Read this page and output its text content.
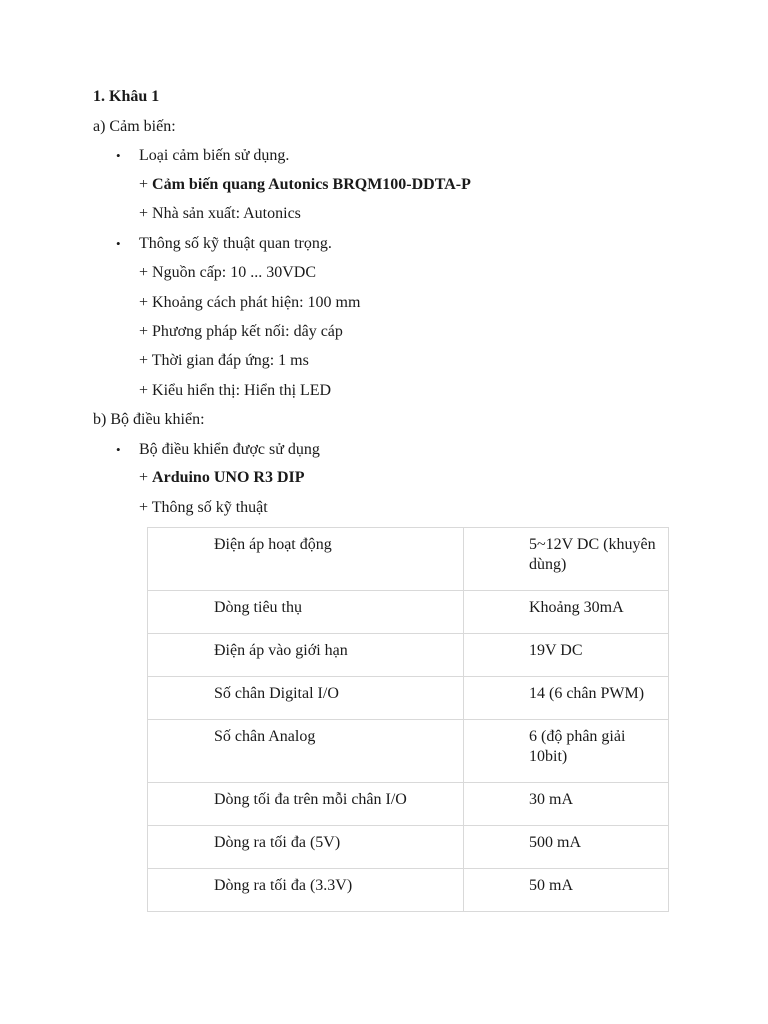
1. Khâu 1
a) Cảm biến:
• Loại cảm biến sử dụng.
+ Cảm biến quang Autonics BRQM100-DDTA-P
+ Nhà sản xuất: Autonics
• Thông số kỹ thuật quan trọng.
+ Nguồn cấp: 10 ... 30VDC
+ Khoảng cách phát hiện: 100 mm
+ Phương pháp kết nối: dây cáp
+ Thời gian đáp ứng: 1 ms
+ Kiểu hiển thị: Hiển thị LED
b) Bộ điều khiển:
• Bộ điều khiển được sử dụng
+ Arduino UNO R3 DIP
+ Thông số kỹ thuật
Điện áp hoạt động	5~12V DC (khuyên dùng)
Dòng tiêu thụ	Khoảng 30mA
Điện áp vào giới hạn	19V DC
Số chân Digital I/O	14 (6 chân PWM)
Số chân Analog	6 (độ phân giải 10bit)
Dòng tối đa trên mỗi chân I/O	30 mA
Dòng ra tối đa (5V)	500 mA
Dòng ra tối đa (3.3V)	50 mA
